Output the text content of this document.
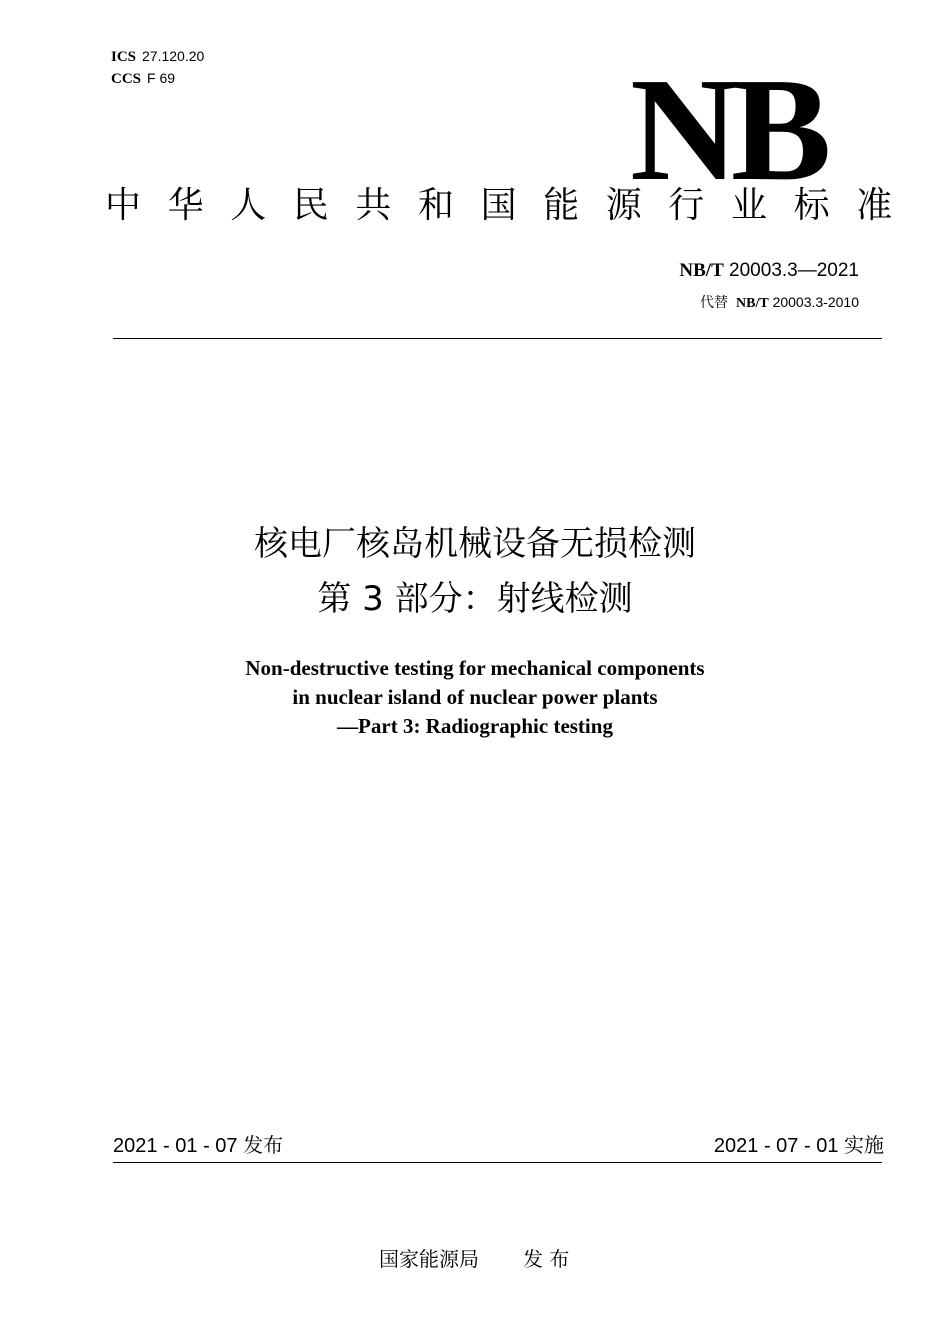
ICS 27.120.20
CCS F 69	NB
中华人民共和国能源行业标准
NB/T 20003.3—2021
代替 NB/T 20003.3-2010
核电厂核岛机械设备无损检测
第 3 部分：射线检测
Non-destructive testing for mechanical components
in nuclear island of nuclear power plants
—Part 3: Radiographic testing
2021 - 01 - 07 发布	2021 - 07 - 01 实施
国家能源局 发 布
